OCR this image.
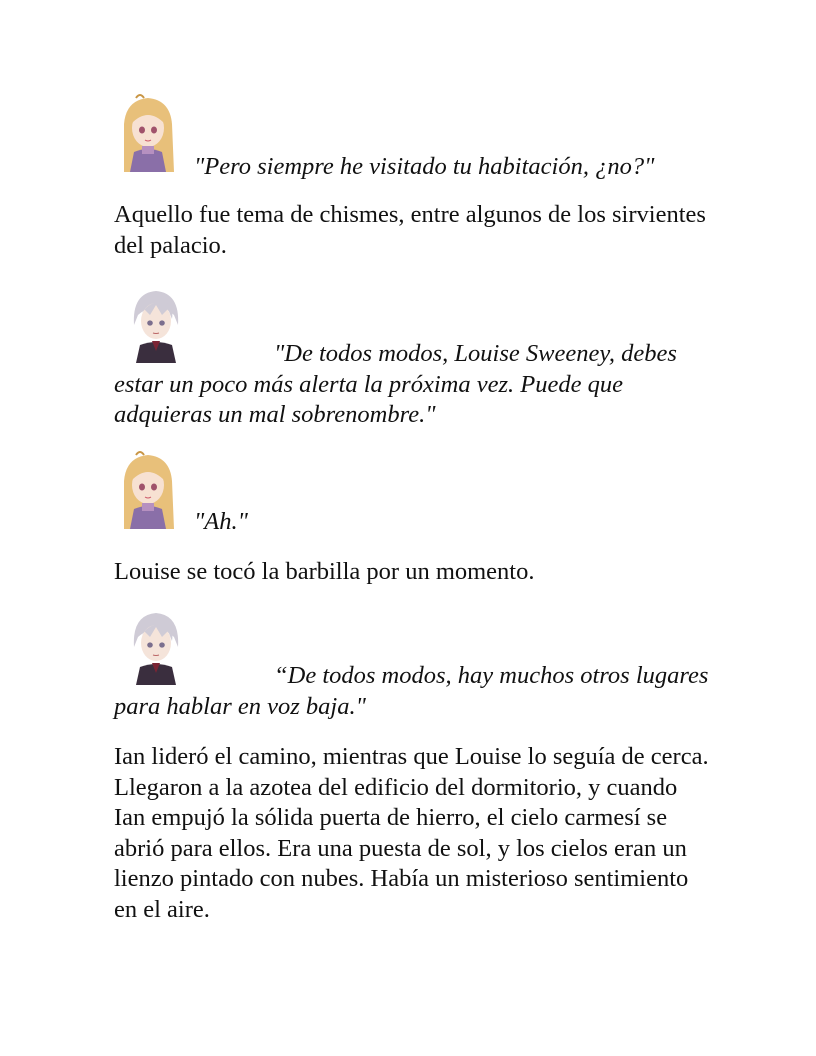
"Pero siempre he visitado tu habitación, ¿no?"

Aquello fue tema de chismes, entre algunos de los sirvientes del palacio.

"De todos modos, Louise Sweeney, debes estar un poco más alerta la próxima vez. Puede que adquieras un mal sobrenombre."
"Ah."

Louise se tocó la barbilla por un momento.

“De todos modos, hay muchos otros lugares para hablar en voz baja."

Ian lideró el camino, mientras que Louise lo seguía de cerca. Llegaron a la azotea del edificio del dormitorio, y cuando Ian empujó la sólida puerta de hierro, el cielo carmesí se abrió para ellos. Era una puesta de sol, y los cielos eran un lienzo pintado con nubes. Había un misterioso sentimiento en el aire.
